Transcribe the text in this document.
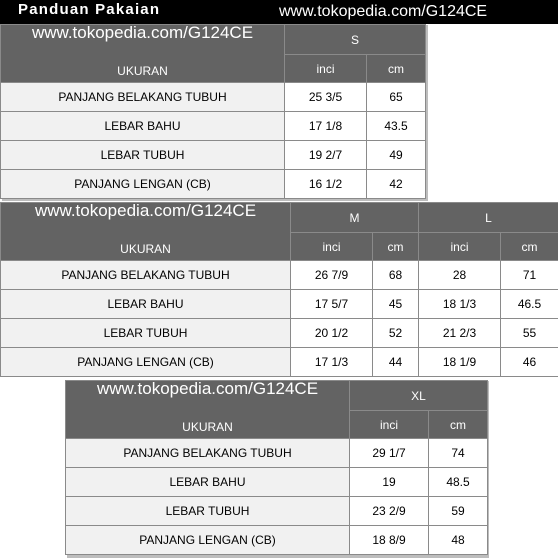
Panduan Pakaian	www.tokopedia.com/G124CE
www.tokopedia.com/G124CE
UKURAN	S	
	inci	cm
PANJANG BELAKANG TUBUH	25 3/5	65
LEBAR BAHU	17 1/8	43.5
LEBAR TUBUH	19 2/7	49
PANJANG LENGAN (CB)	16 1/2	42
www.tokopedia.com/G124CE
UKURAN	M		L	
	inci	cm	inci	cm
PANJANG BELAKANG TUBUH	26 7/9	68	28	71
LEBAR BAHU	17 5/7	45	18 1/3	46.5
LEBAR TUBUH	20 1/2	52	21 2/3	55
PANJANG LENGAN (CB)	17 1/3	44	18 1/9	46
www.tokopedia.com/G124CE
UKURAN	XL	
	inci	cm
PANJANG BELAKANG TUBUH	29 1/7	74
LEBAR BAHU	19	48.5
LEBAR TUBUH	23 2/9	59
PANJANG LENGAN (CB)	18 8/9	48
